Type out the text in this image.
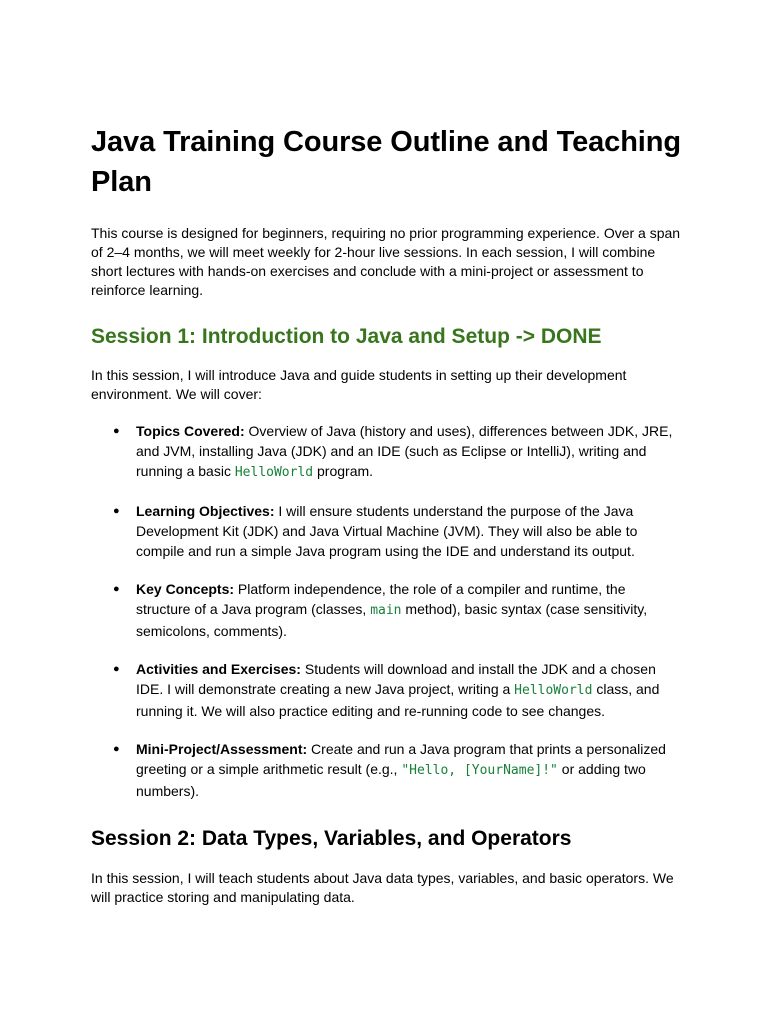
Java Training Course Outline and Teaching Plan

This course is designed for beginners, requiring no prior programming experience. Over a span of 2–4 months, we will meet weekly for 2-hour live sessions. In each session, I will combine short lectures with hands-on exercises and conclude with a mini-project or assessment to reinforce learning.

Session 1: Introduction to Java and Setup -> DONE

In this session, I will introduce Java and guide students in setting up their development environment. We will cover:

● Topics Covered: Overview of Java (history and uses), differences between JDK, JRE, and JVM, installing Java (JDK) and an IDE (such as Eclipse or IntelliJ), writing and running a basic HelloWorld program.
● Learning Objectives: I will ensure students understand the purpose of the Java Development Kit (JDK) and Java Virtual Machine (JVM). They will also be able to compile and run a simple Java program using the IDE and understand its output.
● Key Concepts: Platform independence, the role of a compiler and runtime, the structure of a Java program (classes, main method), basic syntax (case sensitivity, semicolons, comments).
● Activities and Exercises: Students will download and install the JDK and a chosen IDE. I will demonstrate creating a new Java project, writing a HelloWorld class, and running it. We will also practice editing and re-running code to see changes.
● Mini-Project/Assessment: Create and run a Java program that prints a personalized greeting or a simple arithmetic result (e.g., "Hello, [YourName]!" or adding two numbers).
Session 2: Data Types, Variables, and Operators

In this session, I will teach students about Java data types, variables, and basic operators. We will practice storing and manipulating data.
